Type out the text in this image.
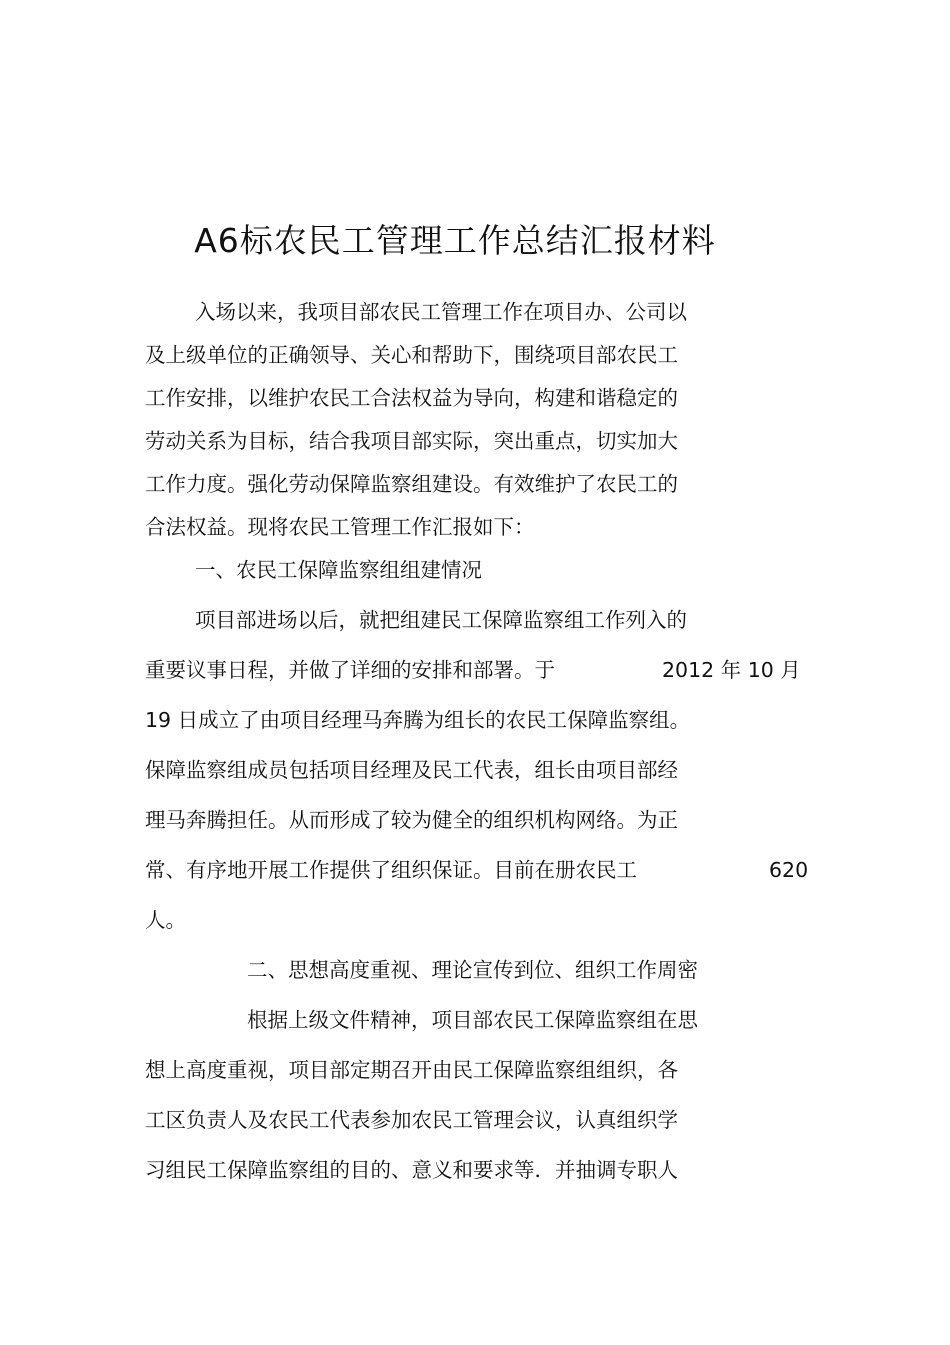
A6标农民工管理工作总结汇报材料
入场以来，我项目部农民工管理工作在项目办、公司以
及上级单位的正确领导、关心和帮助下，围绕项目部农民工
工作安排，以维护农民工合法权益为导向，构建和谐稳定的
劳动关系为目标，结合我项目部实际，突出重点，切实加大
工作力度。强化劳动保障监察组建设。有效维护了农民工的
合法权益。现将农民工管理工作汇报如下：
一、农民工保障监察组组建情况
项目部进场以后，就把组建民工保障监察组工作列入的
重要议事日程，并做了详细的安排和部署。于	2012 年 10 月
19 日成立了由项目经理马奔腾为组长的农民工保障监察组。
保障监察组成员包括项目经理及民工代表，组长由项目部经
理马奔腾担任。从而形成了较为健全的组织机构网络。为正
常、有序地开展工作提供了组织保证。目前在册农民工	620
人。
二、思想高度重视、理论宣传到位、组织工作周密
根据上级文件精神，项目部农民工保障监察组在思
想上高度重视，项目部定期召开由民工保障监察组组织，各
工区负责人及农民工代表参加农民工管理会议，认真组织学
习组民工保障监察组的目的、意义和要求等．并抽调专职人
